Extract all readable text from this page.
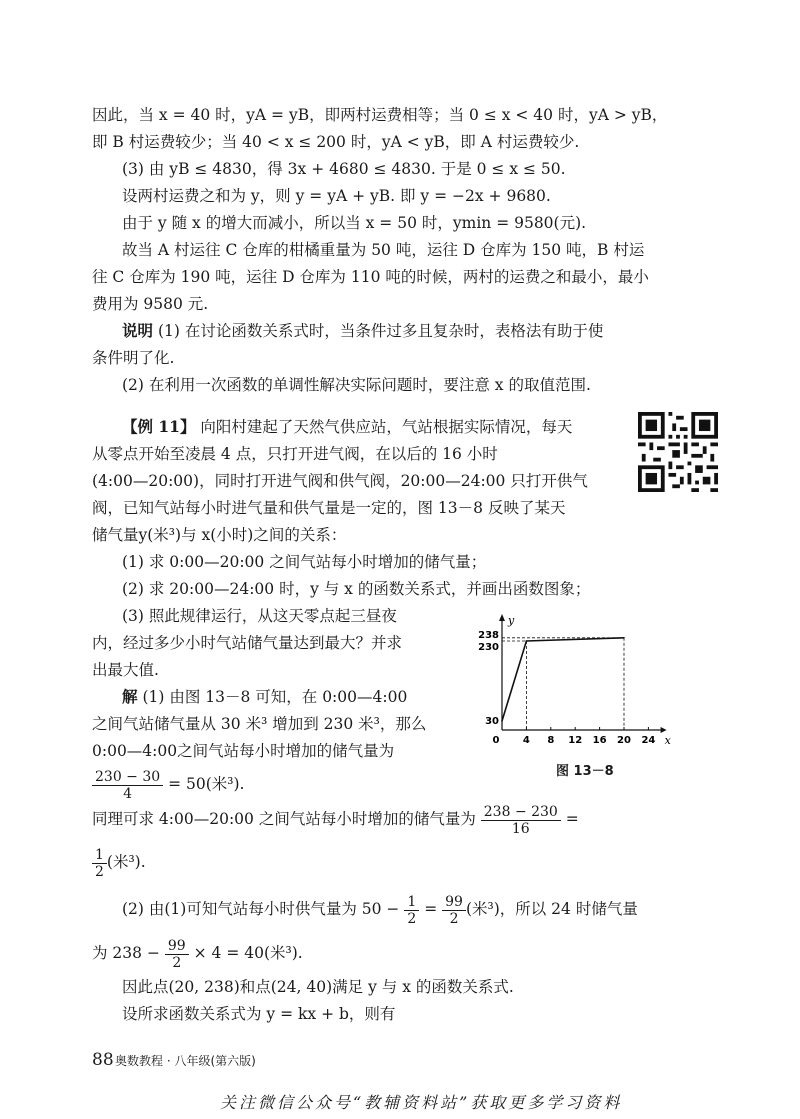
因此，当 x = 40 时，yA = yB，即两村运费相等；当 0 ≤ x < 40 时，yA > yB，
即 B 村运费较少；当 40 < x ≤ 200 时，yA < yB，即 A 村运费较少.
(3) 由 yB ≤ 4830，得 3x + 4680 ≤ 4830. 于是 0 ≤ x ≤ 50.
设两村运费之和为 y，则 y = yA + yB. 即 y = −2x + 9680.
由于 y 随 x 的增大而减小，所以当 x = 50 时，ymin = 9580(元).
故当 A 村运往 C 仓库的柑橘重量为 50 吨，运往 D 仓库为 150 吨，B 村运
往 C 仓库为 190 吨，运往 D 仓库为 110 吨的时候，两村的运费之和最小，最小
费用为 9580 元.
说明 (1) 在讨论函数关系式时，当条件过多且复杂时，表格法有助于使
条件明了化.
(2) 在利用一次函数的单调性解决实际问题时，要注意 x 的取值范围.
【例 11】 向阳村建起了天然气供应站，气站根据实际情况，每天
从零点开始至凌晨 4 点，只打开进气阀，在以后的 16 小时
(4:00—20:00)，同时打开进气阀和供气阀，20:00—24:00 只打开供气
阀，已知气站每小时进气量和供气量是一定的，图 13－8 反映了某天
储气量y(米³)与 x(小时)之间的关系：
(1) 求 0:00—20:00 之间气站每小时增加的储气量；
(2) 求 20:00—24:00 时，y 与 x 的函数关系式，并画出函数图象；
(3) 照此规律运行，从这天零点起三昼夜
内，经过多少小时气站储气量达到最大？并求
出最大值.
解 (1) 由图 13－8 可知，在 0:00—4:00
之间气站储气量从 30 米³ 增加到 230 米³，那么
0:00—4:00之间气站每小时增加的储气量为
$\frac{230 - 30}{4} = 50$(米³).
x
y
0 4 8 12 16 20 24
30
230
238
图 13－8
同理可求 4:00—20:00 之间气站每小时增加的储气量为 $\frac{238 - 230}{16}$ =
$\frac{1}{2}$ (米³).
(2) 由(1)可知气站每小时供气量为 $50 - \frac{1}{2} = \frac{99}{2}$ (米³)，所以 24 时储气量
为 $238 - \frac{99}{2} \times 4 = 40$(米³).
因此点(20, 238)和点(24, 40)满足 y 与 x 的函数关系式.
设所求函数关系式为 y = kx + b，则有
88 奥数教程 · 八年级(第六版)
关注微信公众号“教辅资料站”获取更多学习资料
